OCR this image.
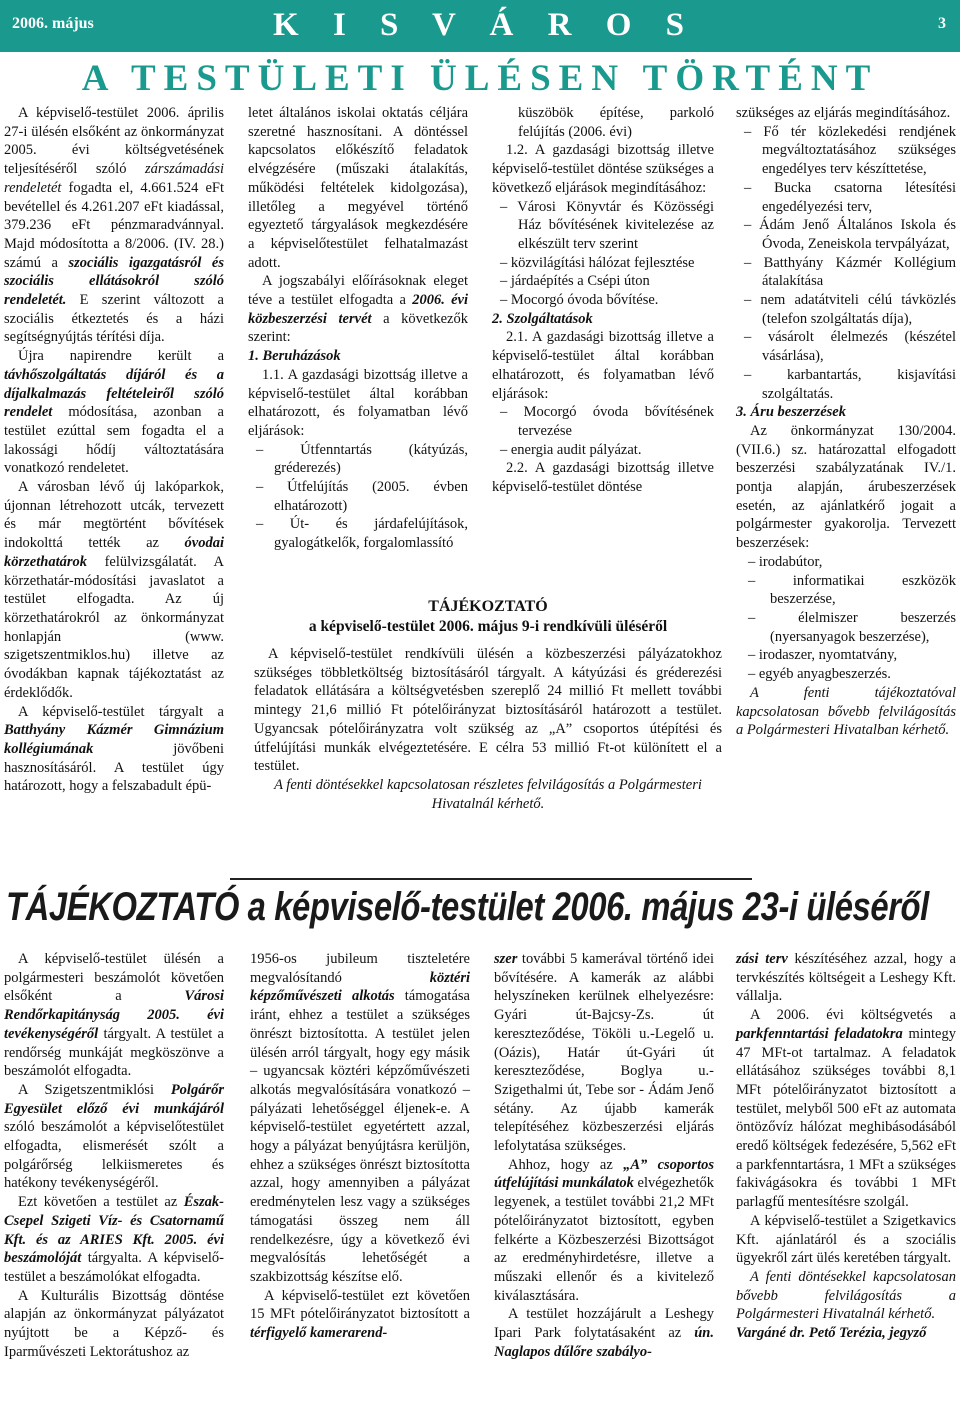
2006. május	K I S V Á R O S	3
A TESTÜLETI ÜLÉSEN TÖRTÉNT

A képviselő-testület 2006. április 27-i ülésén elsőként az önkormányzat 2005. évi költségvetésének teljesítéséről szóló zárszámadási rendeletét fogadta el, 4.661.524 eFt bevétellel és 4.261.207 eFt kiadással, 379.236 eFt pénzmaradvánnyal. Majd módosította a 8/2006. (IV. 28.) számú a szociális igazgatásról és szociális ellátásokról szóló rendeletét. E szerint változott a szociális étkeztetés és a házi segítségnyújtás térítési díja.

Újra napirendre került a távhőszolgáltatás díjáról és a díjalkalmazás feltételeiről szóló rendelet módosítása, azonban a testület ezúttal sem fogadta el a lakossági hődíj változtatására vonatkozó rendeletet.

A városban lévő új lakóparkok, újonnan létrehozott utcák, tervezett és már megtörtént bővítések indokolttá tették az óvodai körzethatárok felülvizsgálatát. A körzethatár-módosítási javaslatot a testület elfogadta. Az új körzethatárokról az önkormányzat honlapján (www. szigetszentmiklos.hu) illetve az óvodákban kapnak tájékoztatást az érdeklődők.

A képviselő-testület tárgyalt a Batthyány Kázmér Gimnázium kollégiumának jövőbeni hasznosításáról. A testület úgy határozott, hogy a felszabadult épü-

letet általános iskolai oktatás céljára szeretné hasznosítani. A döntéssel kapcsolatos előkészítő feladatok elvégzésére (műszaki átalakítás, működési feltételek kidolgozása), illetőleg a megyével történő egyeztető tárgyalások megkezdésére a képviselőtestület felhatalmazást adott.

A jogszabályi előírásoknak eleget téve a testület elfogadta a 2006. évi közbeszerzési tervét a következők szerint:

1. Beruházások

1.1. A gazdasági bizottság illetve a képviselő-testület által korábban elhatározott, és folyamatban lévő eljárások:

– Útfenntartás (kátyúzás, gréderezés)

– Útfelújítás (2005. évben elhatározott)

– Út- és járdafelújítások, gyalogátkelők, forgalomlassító

küszöbök építése, parkoló felújítás (2006. évi)

1.2. A gazdasági bizottság illetve képviselő-testület döntése szükséges a következő eljárások megindításához:

– Városi Könyvtár és Közösségi Ház bővítésének kivitelezése az elkészült terv szerint

– közvilágítási hálózat fejlesztése

– járdaépítés a Csépi úton

– Mocorgó óvoda bővítése.

2. Szolgáltatások

2.1. A gazdasági bizottság illetve a képviselő-testület által korábban elhatározott, és folyamatban lévő eljárások:

– Mocorgó óvoda bővítésének tervezése

– energia audit pályázat.

2.2. A gazdasági bizottság illetve képviselő-testület döntése

szükséges az eljárás megindításához.

– Fő tér közlekedési rendjének megváltoztatásához szükséges engedélyes terv készíttetése,

– Bucka csatorna létesítési engedélyezési terv,

– Ádám Jenő Általános Iskola és Óvoda, Zeneiskola tervpályázat,

– Batthyány Kázmér Kollégium átalakítása

– nem adatátviteli célú távközlés (telefon szolgáltatás díja),

– vásárolt élelmezés (készétel vásárlása),

– karbantartás, kisjavítási szolgáltatás.

3. Áru beszerzések

Az önkormányzat 130/2004. (VII.6.) sz. határozattal elfogadott beszerzési szabályzatának IV./1. pontja alapján, árubeszerzések esetén, az ajánlatkérő jogait a polgármester gyakorolja. Tervezett beszerzések:

– irodabútor,

– informatikai eszközök beszerzése,

– élelmiszer beszerzés (nyersanyagok beszerzése),

– irodaszer, nyomtatvány,

– egyéb anyagbeszerzés.

A fenti tájékoztatóval kapcsolatosan bővebb felvilágosítás a Polgármesteri Hivatalban kérhető.

TÁJÉKOZTATÓ
a képviselő-testület 2006. május 9-i rendkívüli üléséről

A képviselő-testület rendkívüli ülésén a közbeszerzési pályázatokhoz szükséges többletköltség biztosításáról tárgyalt. A kátyúzási és gréderezési feladatok ellátására a költségvetésben szereplő 24 millió Ft mellett további mintegy 21,6 millió Ft pótelőirányzat biztosításáról határozott a testület. Ugyancsak pótelőirányzatra volt szükség az „A” csoportos útépítési és útfelújítási munkák elvégeztetésére. E célra 53 millió Ft-ot különített el a testület.

A fenti döntésekkel kapcsolatosan részletes felvilágosítás a Polgármesteri Hivatalnál kérhető.

TÁJÉKOZTATÓ a képviselő-testület 2006. május 23-i üléséről

A képviselő-testület ülésén a polgármesteri beszámolót követően elsőként a Városi Rendőrkapitányság 2005. évi tevékenységéről tárgyalt. A testület a rendőrség munkáját megköszönve a beszámolót elfogadta.

A Szigetszentmiklósi Polgárőr Egyesület előző évi munkájáról szóló beszámolót a képviselőtestület elfogadta, elismerését szólt a polgárőrség lelkiismeretes és hatékony tevékenységéről.

Ezt követően a testület az Észak-Csepel Szigeti Víz- és Csatornamű Kft. és az ARIES Kft. 2005. évi beszámolóját tárgyalta. A képviselő-testület a beszámolókat elfogadta.

A Kulturális Bizottság döntése alapján az önkormányzat pályázatot nyújtott be a Képző- és Iparművészeti Lektorátushoz az

1956-os jubileum tiszteletére megvalósítandó köztéri képzőművészeti alkotás támogatása iránt, ehhez a testület a szükséges önrészt biztosította. A testület jelen ülésén arról tárgyalt, hogy egy másik – ugyancsak köztéri képzőművészeti alkotás megvalósítására vonatkozó – pályázati lehetőséggel éljenek-e. A képviselő-testület egyetértett azzal, hogy a pályázat benyújtásra kerüljön, ehhez a szükséges önrészt biztosította azzal, hogy amennyiben a pályázat eredménytelen lesz vagy a szükséges támogatási összeg nem áll rendelkezésre, úgy a következő évi megvalósítás lehetőségét a szakbizottság készítse elő.

A képviselő-testület ezt követően 15 MFt pótelőirányzatot biztosított a térfigyelő kamerarend-

szer további 5 kamerával történő idei bővítésére. A kamerák az alábbi helyszíneken kerülnek elhelyezésre: Gyári út-Bajcsy-Zs. út kereszteződése, Tököli u.-Legelő u. (Oázis), Határ út-Gyári út kereszteződése, Boglya u.-Szigethalmi út, Tebe sor - Ádám Jenő sétány. Az újabb kamerák telepítéséhez közbeszerzési eljárás lefolytatása szükséges.

Ahhoz, hogy az „A” csoportos útfelújítási munkálatok elvégezhetők legyenek, a testület további 21,2 MFt pótelőirányzatot biztosított, egyben felkérte a Közbeszerzési Bizottságot az eredményhirdetésre, illetve a műszaki ellenőr és a kivitelező kiválasztására.

A testület hozzájárult a Leshegy Ipari Park folytatásaként az ún. Naglapos dűlőre szabályo-

zási terv készítéséhez azzal, hogy a tervkészítés költségeit a Leshegy Kft. vállalja.

A 2006. évi költségvetés a parkfenntartási feladatokra mintegy 47 MFt-ot tartalmaz. A feladatok ellátásához szükséges további 8,1 MFt pótelőirányzatot biztosított a testület, melyből 500 eFt az automata öntözővíz hálózat meghibásodásából eredő költségek fedezésére, 5,562 eFt a parkfenntartásra, 1 MFt a szükséges fakivágásokra és további 1 MFt parlagfű mentesítésre szolgál.

A képviselő-testület a Szigetkavics Kft. ajánlatáról és a szociális ügyekről zárt ülés keretében tárgyalt.

A fenti döntésekkel kapcsolatosan bővebb felvilágosítás a Polgármesteri Hivatalnál kérhető.

Vargáné dr. Pető Terézia, jegyző
